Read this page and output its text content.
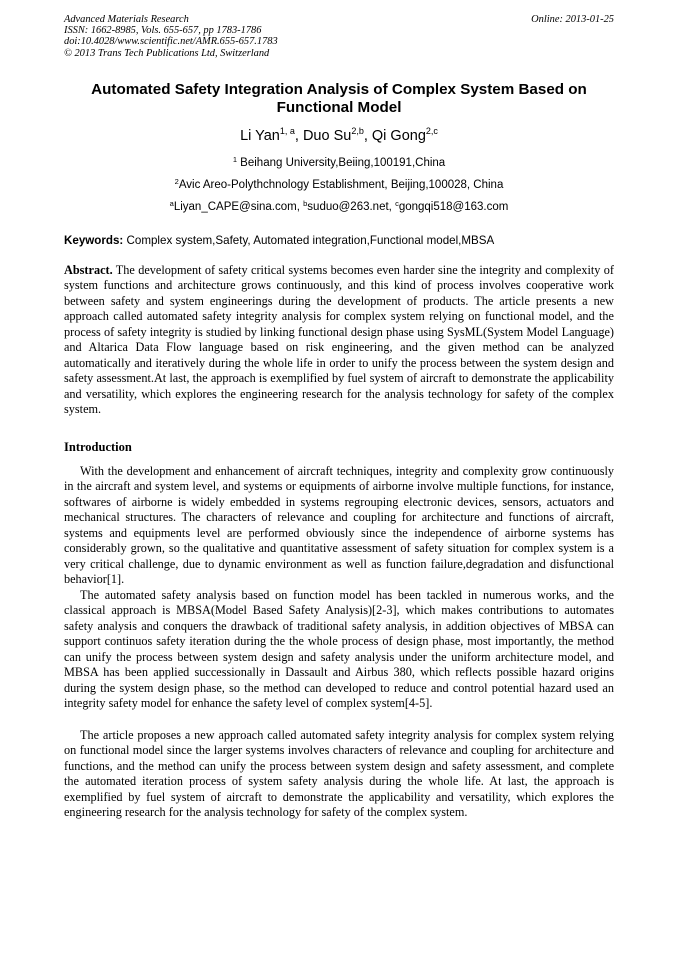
Advanced Materials Research
ISSN: 1662-8985, Vols. 655-657, pp 1783-1786
doi:10.4028/www.scientific.net/AMR.655-657.1783
© 2013 Trans Tech Publications Ltd, Switzerland
Online: 2013-01-25
Automated Safety Integration Analysis of Complex System Based on Functional Model
Li Yan$^{1, a}$, Duo Su$^{2,b}$, Qi Gong$^{2,c}$
$^1$ Beihang University,Beiing,100191,China
$^2$Avic Areo-Polythchnology Establishment, Beijing,100028, China
$^a$Liyan_CAPE@sina.com, $^b$suduo@263.net, $^c$gongqi518@163.com
Keywords: Complex system,Safety, Automated integration,Functional model,MBSA
Abstract. The development of safety critical systems becomes even harder sine the integrity and complexity of system functions and architecture grows continuously, and this kind of process involves cooperative work between safety and system engineerings during the development of products. The article presents a new approach called automated safety integrity analysis for complex system relying on functional model, and the process of safety integrity is studied by linking functional design phase using SysML(System Model Language) and Altarica Data Flow language based on risk engineering, and the given method can be analyzed automatically and iteratively during the whole life in order to unify the process between the system design and safety assessment.At last, the approach is exemplified by fuel system of aircraft to demonstrate the applicability and versatility, which explores the engineering research for the analysis technology for safety of the complex system.
Introduction
With the development and enhancement of aircraft techniques, integrity and complexity grow continuously in the aircraft and system level, and systems or equipments of airborne involve multiple functions, for instance, softwares of airborne is widely embedded in systems regrouping electronic devices, sensors, actuators and mechanical structures. The characters of relevance and coupling for architecture and functions of aircraft, systems and equipments level are performed obviously since the independence of airborne systems has considerably grown, so the qualitative and quantitative assessment of safety situation for complex system is a very critical challenge, due to dynamic environment as well as function failure,degradation and disfunctional behavior[1].
The automated safety analysis based on function model has been tackled in numerous works, and the classical approach is MBSA(Model Based Safety Analysis)[2-3], which makes contributions to automates safety analysis and conquers the drawback of traditional safety analysis, in addition objectives of MBSA can support continuos safety iteration during the the whole process of design phase, most importantly, the method can unify the process between system design and safety analysis under the uniform architecture model, and MBSA has been applied successionally in Dassault and Airbus 380, which reflects possible hazard origins during the system design phase, so the method can developed to reduce and control potential hazard used an integrity safety model for enhance the safety level of complex system[4-5].
The article proposes a new approach called automated safety integrity analysis for complex system relying on functional model since the larger systems involves characters of relevance and coupling for architecture and functions, and the method can unify the process between system design and safety assessment, and complete the automated iteration process of system safety analysis during the whole life. At last, the approach is exemplified by fuel system of aircraft to demonstrate the applicability and versatility, which explores the engineering research for the analysis technology for safety of the complex system.
